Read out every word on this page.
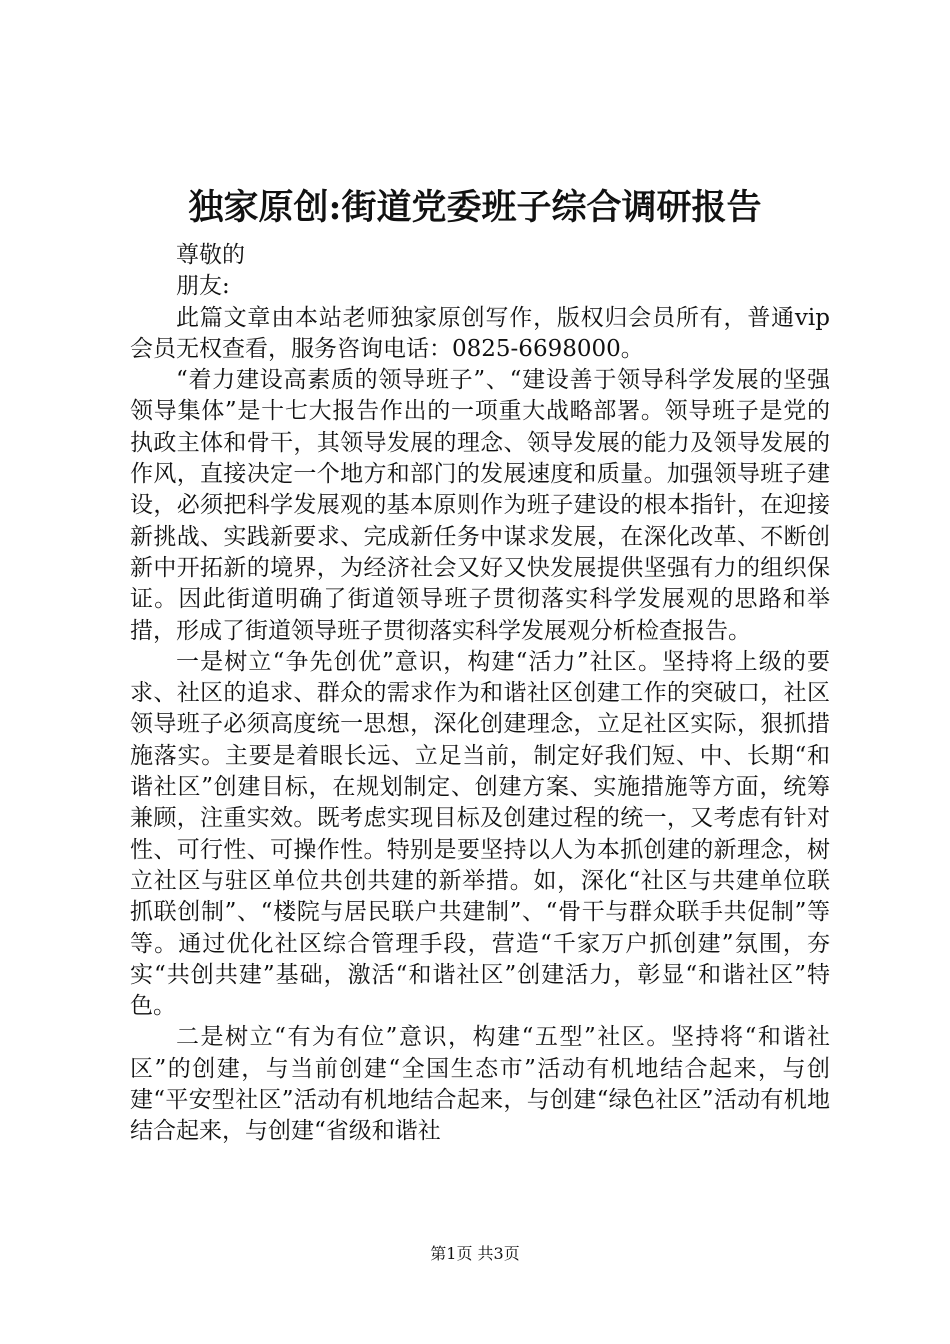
独家原创:街道党委班子综合调研报告

尊敬的

朋友:

此篇文章由本站老师独家原创写作，版权归会员所有，普通vip会员无权查看，服务咨询电话：0825-6698000。

“着力建设高素质的领导班子”、“建设善于领导科学发展的坚强领导集体”是十七大报告作出的一项重大战略部署。领导班子是党的执政主体和骨干，其领导发展的理念、领导发展的能力及领导发展的作风，直接决定一个地方和部门的发展速度和质量。加强领导班子建设，必须把科学发展观的基本原则作为班子建设的根本指针，在迎接新挑战、实践新要求、完成新任务中谋求发展，在深化改革、不断创新中开拓新的境界，为经济社会又好又快发展提供坚强有力的组织保证。因此街道明确了街道领导班子贯彻落实科学发展观的思路和举措，形成了街道领导班子贯彻落实科学发展观分析检查报告。

一是树立“争先创优”意识，构建“活力”社区。坚持将上级的要求、社区的追求、群众的需求作为和谐社区创建工作的突破口，社区领导班子必须高度统一思想，深化创建理念，立足社区实际，狠抓措施落实。主要是着眼长远、立足当前，制定好我们短、中、长期“和谐社区”创建目标，在规划制定、创建方案、实施措施等方面，统筹兼顾，注重实效。既考虑实现目标及创建过程的统一，又考虑有针对性、可行性、可操作性。特别是要坚持以人为本抓创建的新理念，树立社区与驻区单位共创共建的新举措。如，深化“社区与共建单位联抓联创制”、“楼院与居民联户共建制”、“骨干与群众联手共促制”等等。通过优化社区综合管理手段，营造“千家万户抓创建”氛围，夯实“共创共建”基础，激活“和谐社区”创建活力，彰显“和谐社区”特色。

二是树立“有为有位”意识，构建“五型”社区。坚持将“和谐社区”的创建，与当前创建“全国生态市”活动有机地结合起来，与创建“平安型社区”活动有机地结合起来，与创建“绿色社区”活动有机地结合起来，与创建“省级和谐社

第1页 共3页
